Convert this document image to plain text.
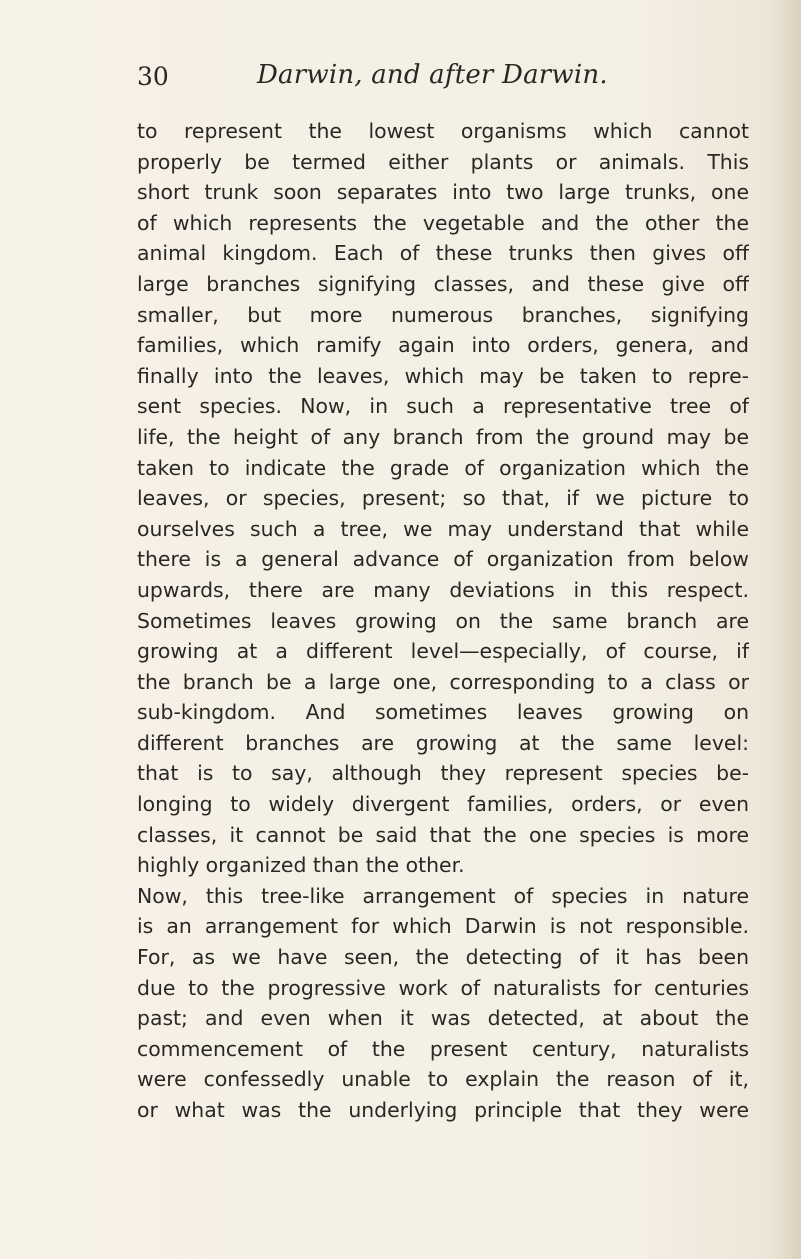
30	Darwin, and after Darwin.
to represent the lowest organisms which cannot
properly be termed either plants or animals. This
short trunk soon separates into two large trunks, one
of which represents the vegetable and the other the
animal kingdom. Each of these trunks then gives off
large branches signifying classes, and these give off
smaller, but more numerous branches, signifying
families, which ramify again into orders, genera, and
finally into the leaves, which may be taken to repre-
sent species. Now, in such a representative tree of
life, the height of any branch from the ground may be
taken to indicate the grade of organization which the
leaves, or species, present; so that, if we picture to
ourselves such a tree, we may understand that while
there is a general advance of organization from below
upwards, there are many deviations in this respect.
Sometimes leaves growing on the same branch are
growing at a different level—especially, of course, if
the branch be a large one, corresponding to a class or
sub-kingdom. And sometimes leaves growing on
different branches are growing at the same level:
that is to say, although they represent species be-
longing to widely divergent families, orders, or even
classes, it cannot be said that the one species is more
highly organized than the other.
Now, this tree-like arrangement of species in nature
is an arrangement for which Darwin is not responsible.
For, as we have seen, the detecting of it has been
due to the progressive work of naturalists for centuries
past; and even when it was detected, at about the
commencement of the present century, naturalists
were confessedly unable to explain the reason of it,
or what was the underlying principle that they were
